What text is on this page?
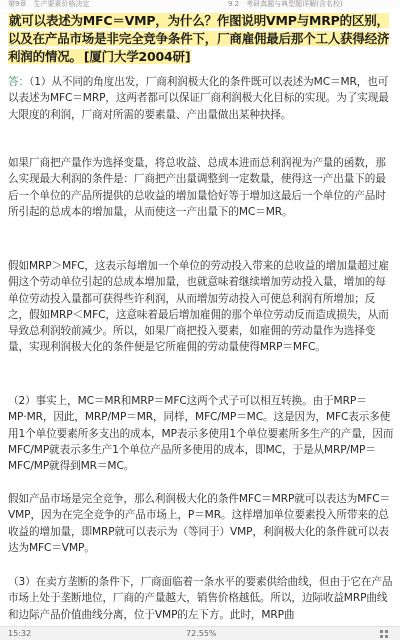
第9章　生产要素价格决定	9.2　考研真题与典型题详解(含名校)

就可以表述为MFC＝VMP，为什么？作图说明VMP与MRP的区别，以及在产品市场是非完全竞争条件下，厂商雇佣最后那个工人获得经济利润的情况。 [厦门大学2004研]

答：（1）从不同的角度出发，厂商利润极大化的条件既可以表述为MC＝MR，也可以表述为MFC＝MRP，这两者都可以保证厂商利润极大化目标的实现。为了实现最大限度的利润，厂商对所需的要素量、产出量做出某种抉择。

如果厂商把产量作为选择变量，将总收益、总成本进而总利润视为产量的函数，那么实现最大利润的条件是：厂商把产出量调整到一定数量，使得这一产出量下的最后一个单位的产品所提供的总收益的增加量恰好等于增加这最后一个单位的产品时所引起的总成本的增加量，从而使这一产出量下的MC＝MR。

假如MRP＞MFC，这表示每增加一个单位的劳动投入带来的总收益的增加量超过雇佣这个劳动单位引起的总成本增加量，也就意味着继续增加劳动投入量，增加的每单位劳动投入量都可获得些许利润，从而增加劳动投入可使总利润有所增加；反之，假如MRP＜MFC，这意味着最后增加雇佣的那个单位劳动反而造成损失，从而导致总利润较前减少。所以，如果厂商把投入要素，如雇佣的劳动量作为选择变量，实现利润极大化的条件便是它所雇佣的劳动量使得MRP＝MFC。

（2）事实上，MC＝MR和MRP＝MFC这两个式子可以相互转换。由于MRP＝MP·MR，因此，MRP/MP＝MR，同样，MFC/MP＝MC。这是因为，MFC表示多使用1个单位要素所多支出的成本，MP表示多使用1个单位要素所多生产的产量，因而MFC/MP就表示多生产1个单位产品所多使用的成本，即MC，于是从MRP/MP＝MFC/MP就得到MR＝MC。

假如产品市场是完全竞争，那么利润极大化的条件MFC＝MRP就可以表达为MFC＝VMP，因为在完全竞争的产品市场上，P＝MR。这样增加单位要素投入所带来的总收益的增加量，即MRP就可以表示为（等同于）VMP，利润极大化的条件就可以表达为MFC＝VMP。

（3）在卖方垄断的条件下，厂商面临着一条水平的要素供给曲线，但由于它在产品市场上处于垄断地位，厂商的产量越大，销售价格越低。所以，边际收益MRP曲线和边际产品价值曲线分离，位于VMP的左下方。此时，MRP曲

15:32	72.55%
